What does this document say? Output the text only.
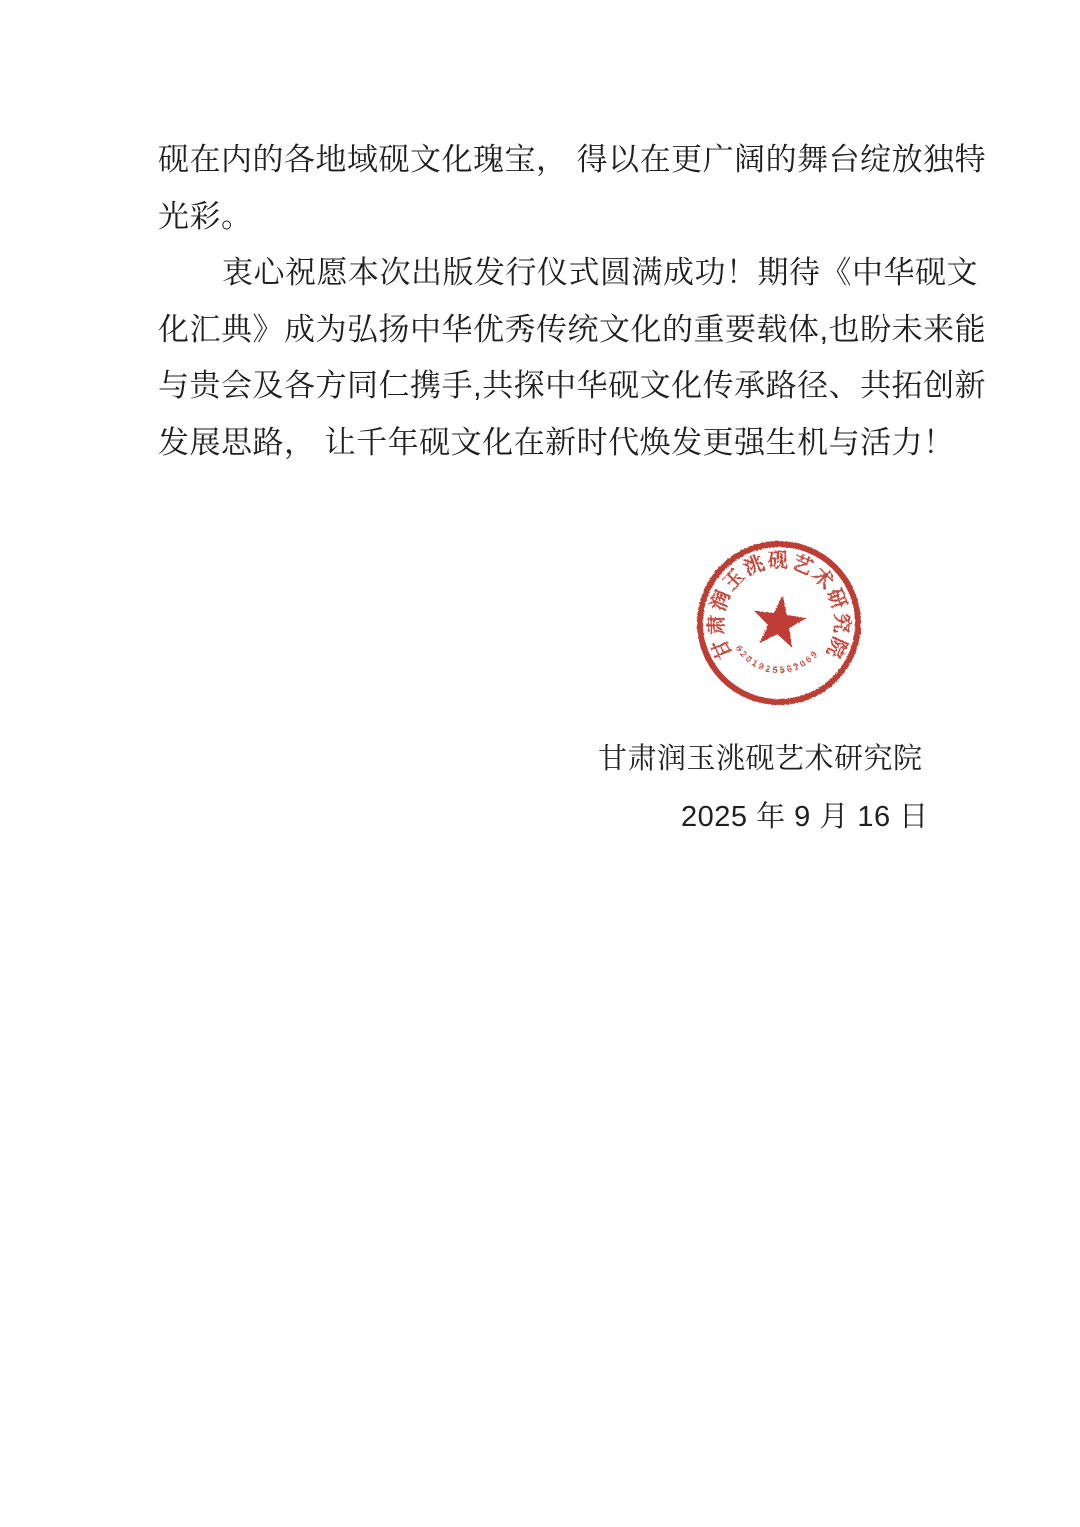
砚在内的各地域砚文化瑰宝， 得以在更广阔的舞台绽放独特
光彩。
衷心祝愿本次出版发行仪式圆满成功！期待《中华砚文
化汇典》成为弘扬中华优秀传统文化的重要载体,也盼未来能
与贵会及各方同仁携手,共探中华砚文化传承路径、共拓创新
发展思路， 让千年砚文化在新时代焕发更强生机与活力！
甘肃润玉洮砚艺术研究院
6201925562069
甘肃润玉洮砚艺术研究院
2025 年 9 月 16 日
